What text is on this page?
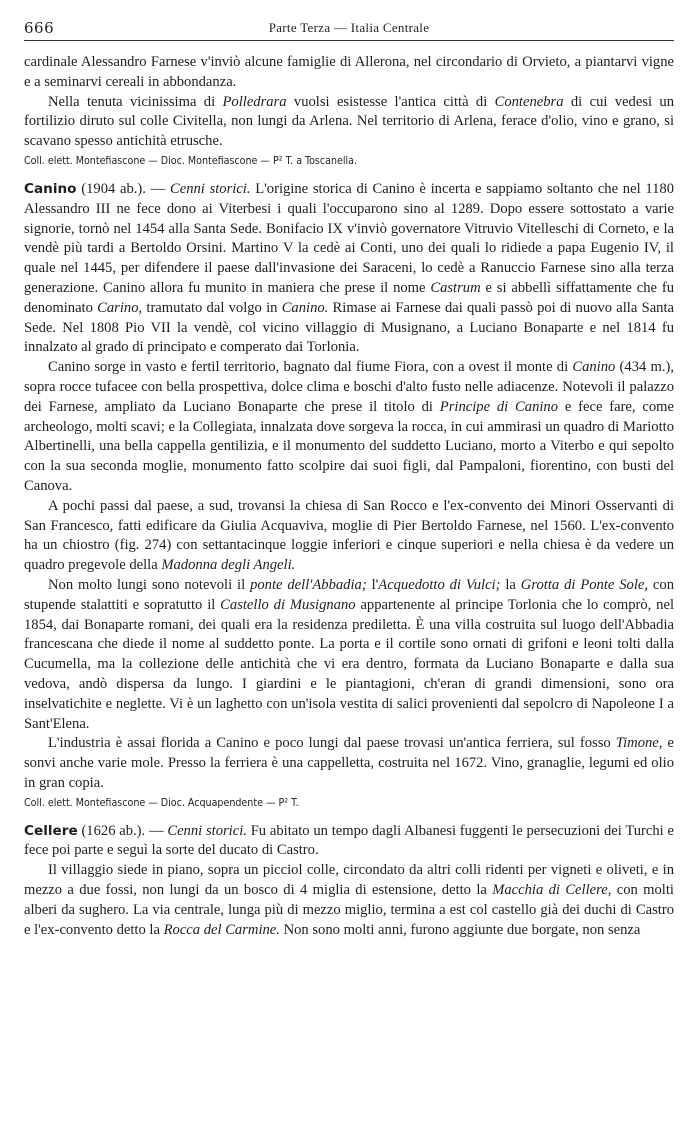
666	Parte Terza — Italia Centrale

cardinale Alessandro Farnese v'inviò alcune famiglie di Allerona, nel circondario di Orvieto, a piantarvi vigne e a seminarvi cereali in abbondanza.

Nella tenuta vicinissima di Polledrara vuolsi esistesse l'antica città di Contenebra di cui vedesi un fortilizio diruto sul colle Civitella, non lungi da Arlena. Nel territorio di Arlena, ferace d'olio, vino e grano, si scavano spesso antichità etrusche.

Coll. elett. Montefiascone — Dioc. Montefiascone — P² T. a Toscanella.

Canino (1904 ab.). — Cenni storici. L'origine storica di Canino è incerta e sappiamo soltanto che nel 1180 Alessandro III ne fece dono ai Viterbesi i quali l'occuparono sino al 1289. Dopo essere sottostato a varie signorie, tornò nel 1454 alla Santa Sede. Bonifacio IX v'inviò governatore Vitruvio Vitelleschi di Corneto, e la vendè più tardi a Bertoldo Orsini. Martino V la cedè ai Conti, uno dei quali lo ridiede a papa Eugenio IV, il quale nel 1445, per difendere il paese dall'invasione dei Saraceni, lo cedè a Ranuccio Farnese sino alla terza generazione. Canino allora fu munito in maniera che prese il nome Castrum e si abbellì siffattamente che fu denominato Carino, tramutato dal volgo in Canino. Rimase ai Farnese dai quali passò poi di nuovo alla Santa Sede. Nel 1808 Pio VII la vendè, col vicino villaggio di Musignano, a Luciano Bonaparte e nel 1814 fu innalzato al grado di principato e comperato dai Torlonia.

Canino sorge in vasto e fertil territorio, bagnato dal fiume Fiora, con a ovest il monte di Canino (434 m.), sopra rocce tufacee con bella prospettiva, dolce clima e boschi d'alto fusto nelle adiacenze. Notevoli il palazzo dei Farnese, ampliato da Luciano Bonaparte che prese il titolo di Principe di Canino e fece fare, come archeologo, molti scavi; e la Collegiata, innalzata dove sorgeva la rocca, in cui ammirasi un quadro di Mariotto Albertinelli, una bella cappella gentilizia, e il monumento del suddetto Luciano, morto a Viterbo e qui sepolto con la sua seconda moglie, monumento fatto scolpire dai suoi figli, dal Pampaloni, fiorentino, con busti del Canova.

A pochi passi dal paese, a sud, trovansi la chiesa di San Rocco e l'ex-convento dei Minori Osservanti di San Francesco, fatti edificare da Giulia Acquaviva, moglie di Pier Bertoldo Farnese, nel 1560. L'ex-convento ha un chiostro (fig. 274) con settantacinque loggie inferiori e cinque superiori e nella chiesa è da vedere un quadro pregevole della Madonna degli Angeli.

Non molto lungi sono notevoli il ponte dell'Abbadia; l'Acquedotto di Vulci; la Grotta di Ponte Sole, con stupende stalattiti e sopratutto il Castello di Musignano appartenente al principe Torlonia che lo comprò, nel 1854, dai Bonaparte romani, dei quali era la residenza prediletta. È una villa costruita sul luogo dell'Abbadia francescana che diede il nome al suddetto ponte. La porta e il cortile sono ornati di grifoni e leoni tolti dalla Cucumella, ma la collezione delle antichità che vi era dentro, formata da Luciano Bonaparte e dalla sua vedova, andò dispersa da lungo. I giardini e le piantagioni, ch'eran di grandi dimensioni, sono ora inselvatichite e neglette. Vi è un laghetto con un'isola vestita di salici provenienti dal sepolcro di Napoleone I a Sant'Elena.

L'industria è assai florida a Canino e poco lungi dal paese trovasi un'antica ferriera, sul fosso Timone, e sonvi anche varie mole. Presso la ferriera è una cappelletta, costruita nel 1672. Vino, granaglie, legumi ed olio in gran copia.

Coll. elett. Montefiascone — Dioc. Acquapendente — P² T.

Cellere (1626 ab.). — Cenni storici. Fu abitato un tempo dagli Albanesi fuggenti le persecuzioni dei Turchi e fece poi parte e seguì la sorte del ducato di Castro.

Il villaggio siede in piano, sopra un picciol colle, circondato da altri colli ridenti per vigneti e oliveti, e in mezzo a due fossi, non lungi da un bosco di 4 miglia di estensione, detto la Macchia di Cellere, con molti alberi da sughero. La via centrale, lunga più di mezzo miglio, termina a est col castello già dei duchi di Castro e l'ex-convento detto la Rocca del Carmine. Non sono molti anni, furono aggiunte due borgate, non senza
